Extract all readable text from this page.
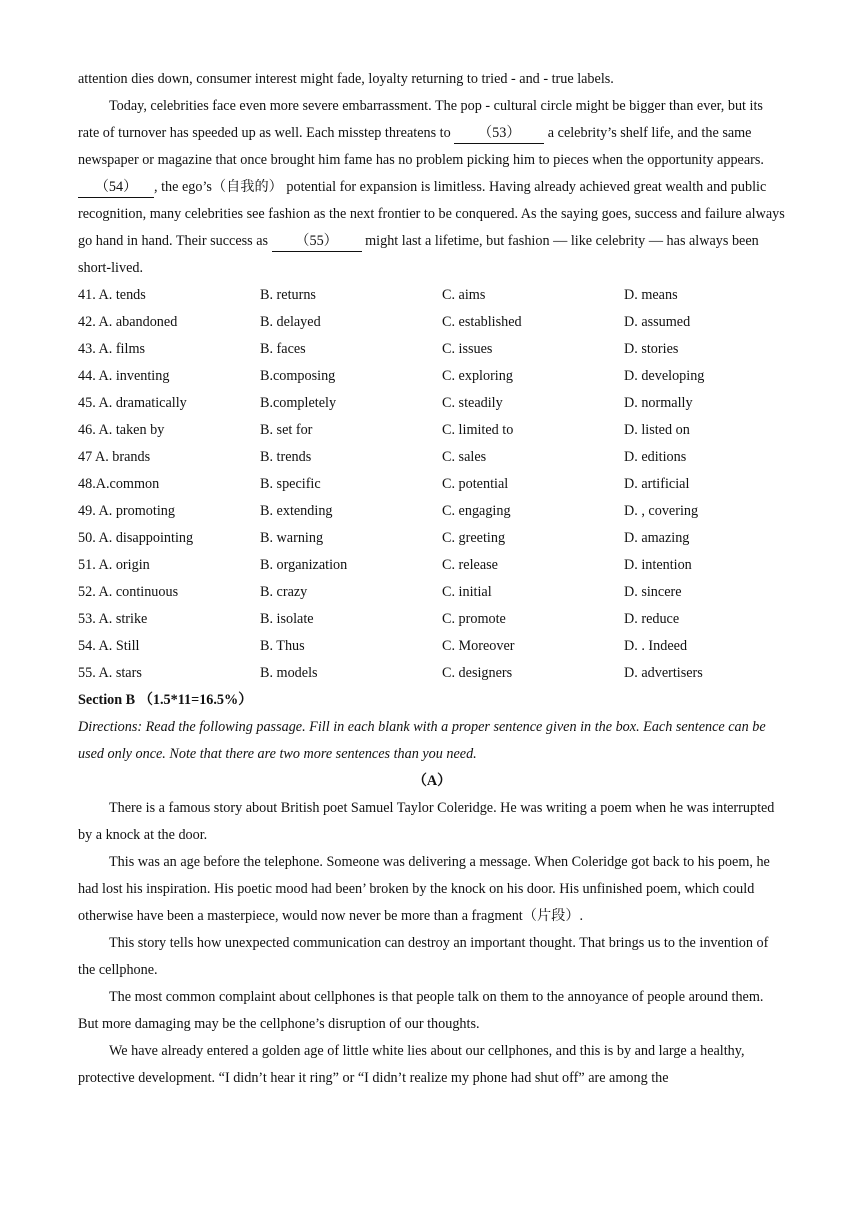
attention dies down, consumer interest might fade, loyalty returning to tried - and - true labels.

Today, celebrities face even more severe embarrassment. The pop - cultural circle might be bigger than ever, but its rate of turnover has speeded up as well. Each misstep threatens to （53） a celebrity’s shelf life, and the same newspaper or magazine that once brought him fame has no problem picking him to pieces when the opportunity appears. （54） , the ego’s（自我的） potential for expansion is limitless. Having already achieved great wealth and public recognition, many celebrities see fashion as the next frontier to be conquered. As the saying goes, success and failure always go hand in hand. Their success as （55） might last a lifetime, but fashion — like celebrity — has always been short-lived.

41. A. tends	B. returns	C. aims	D. means
42. A. abandoned	B. delayed	C. established	D. assumed
43. A. films	B. faces	C. issues	D. stories
44. A. inventing	B.composing	C. exploring	D. developing
45. A. dramatically	B.completely	C. steadily	D. normally
46. A. taken by	B. set for	C. limited to	D. listed on
47 A. brands	B. trends	C. sales	D. editions
48.A.common	B. specific	C. potential	D. artificial
49. A. promoting	B. extending	C. engaging	D. , covering
50. A. disappointing	B. warning	C. greeting	D. amazing
51. A. origin	B. organization	C. release	D. intention
52. A. continuous	B. crazy	C. initial	D. sincere
53. A. strike	B. isolate	C. promote	D. reduce
54. A. Still	B. Thus	C. Moreover	D. . Indeed
55. A. stars	B. models	C. designers	D. advertisers

Section B （1.5*11=16.5%）

Directions: Read the following passage. Fill in each blank with a proper sentence given in the box. Each sentence can be used only once. Note that there are two more sentences than you need.

（A）

There is a famous story about British poet Samuel Taylor Coleridge. He was writing a poem when he was interrupted by a knock at the door.

This was an age before the telephone. Someone was delivering a message. When Coleridge got back to his poem, he had lost his inspiration. His poetic mood had been’ broken by the knock on his door. His unfinished poem, which could otherwise have been a masterpiece, would now never be more than a fragment（片段）.

This story tells how unexpected communication can destroy an important thought. That brings us to the invention of the cellphone.

The most common complaint about cellphones is that people talk on them to the annoyance of people around them. But more damaging may be the cellphone’s disruption of our thoughts.

We have already entered a golden age of little white lies about our cellphones, and this is by and large a healthy, protective development. “I didn’t hear it ring” or “I didn’t realize my phone had shut off” are among the
